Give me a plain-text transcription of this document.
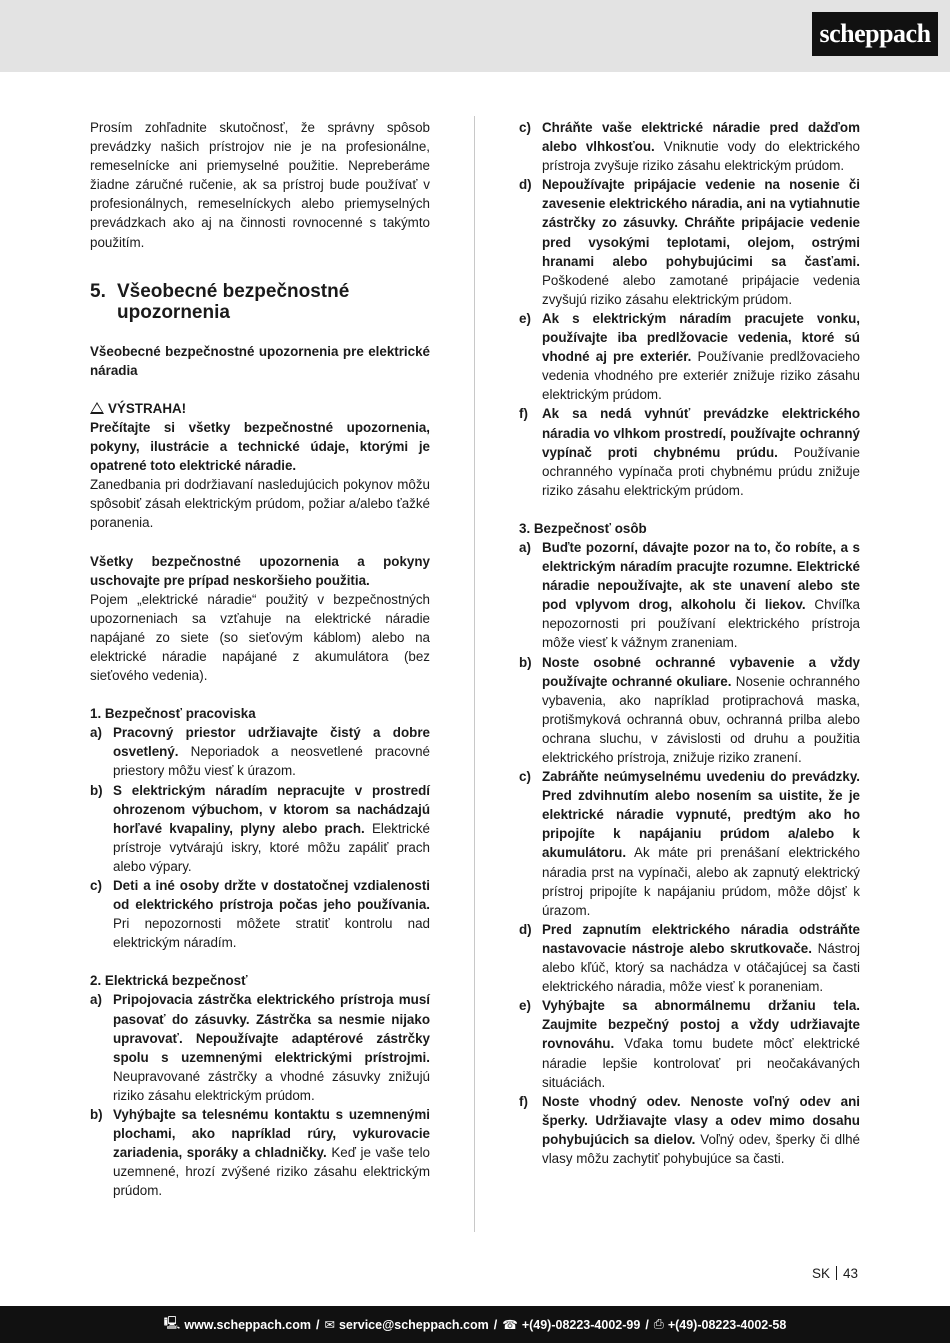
scheppach

Prosím zohľadnite skutočnosť, že správny spôsob prevádzky našich prístrojov nie je na profesionálne, remeselnícke ani priemyselné použitie. Nepreberáme žiadne záručné ručenie, ak sa prístroj bude používať v profesionálnych, remeselníckych alebo priemyselných prevádzkach ako aj na činnosti rovnocenné s takýmto použitím.

5. Všeobecné bezpečnostné upozornenia

Všeobecné bezpečnostné upozornenia pre elektrické náradia

VÝSTRAHA!

Prečítajte si všetky bezpečnostné upozornenia, pokyny, ilustrácie a technické údaje, ktorými je opatrené toto elektrické náradie.

Zanedbania pri dodržiavaní nasledujúcich pokynov môžu spôsobiť zásah elektrickým prúdom, požiar a/alebo ťažké poranenia.

Všetky bezpečnostné upozornenia a pokyny uschovajte pre prípad neskoršieho použitia.

Pojem „elektrické náradie“ použitý v bezpečnostných upozorneniach sa vzťahuje na elektrické náradie napájané zo siete (so sieťovým káblom) alebo na elektrické náradie napájané z akumulátora (bez sieťového vedenia).

1. Bezpečnosť pracoviska

a) Pracovný priestor udržiavajte čistý a dobre osvetlený. Neporiadok a neosvetlené pracovné priestory môžu viesť k úrazom.
b) S elektrickým náradím nepracujte v prostredí ohrozenom výbuchom, v ktorom sa nachádzajú horľavé kvapaliny, plyny alebo prach. Elektrické prístroje vytvárajú iskry, ktoré môžu zapáliť prach alebo výpary.
c) Deti a iné osoby držte v dostatočnej vzdialenosti od elektrického prístroja počas jeho používania. Pri nepozornosti môžete stratiť kontrolu nad elektrickým náradím.

2. Elektrická bezpečnosť

a) Pripojovacia zástrčka elektrického prístroja musí pasovať do zásuvky. Zástrčka sa nesmie nijako upravovať. Nepoužívajte adaptérové zástrčky spolu s uzemnenými elektrickými prístrojmi. Neupravované zástrčky a vhodné zásuvky znižujú riziko zásahu elektrickým prúdom.
b) Vyhýbajte sa telesnému kontaktu s uzemnenými plochami, ako napríklad rúry, vykurovacie zariadenia, sporáky a chladničky. Keď je vaše telo uzemnené, hrozí zvýšené riziko zásahu elektrickým prúdom.
c) Chráňte vaše elektrické náradie pred dažďom alebo vlhkosťou. Vniknutie vody do elektrického prístroja zvyšuje riziko zásahu elektrickým prúdom.
d) Nepoužívajte pripájacie vedenie na nosenie či zavesenie elektrického náradia, ani na vytiahnutie zástrčky zo zásuvky. Chráňte pripájacie vedenie pred vysokými teplotami, olejom, ostrými hranami alebo pohybujúcimi sa časťami. Poškodené alebo zamotané pripájacie vedenia zvyšujú riziko zásahu elektrickým prúdom.
e) Ak s elektrickým náradím pracujete vonku, používajte iba predlžovacie vedenia, ktoré sú vhodné aj pre exteriér. Používanie predlžovacieho vedenia vhodného pre exteriér znižuje riziko zásahu elektrickým prúdom.
f)	Ak sa nedá vyhnúť prevádzke elektrického náradia vo vlhkom prostredí, používajte ochranný vypínač proti chybnému prúdu. Používanie ochranného vypínača proti chybnému prúdu znižuje riziko zásahu elektrickým prúdom.

3. Bezpečnosť osôb

a) Buďte pozorní, dávajte pozor na to, čo robíte, a s elektrickým náradím pracujte rozumne. Elektrické náradie nepoužívajte, ak ste unavení alebo ste pod vplyvom drog, alkoholu či liekov. Chvíľka nepozornosti pri používaní elektrického prístroja môže viesť k vážnym zraneniam.
b) Noste osobné ochranné vybavenie a vždy používajte ochranné okuliare. Nosenie ochranného vybavenia, ako napríklad protiprachová maska, protišmyková ochranná obuv, ochranná prilba alebo ochrana sluchu, v závislosti od druhu a použitia elektrického prístroja, znižuje riziko zranení.
c) Zabráňte neúmyselnému uvedeniu do prevádzky. Pred zdvihnutím alebo nosením sa uistite, že je elektrické náradie vypnuté, predtým ako ho pripojíte k napájaniu prúdom a/alebo k akumulátoru. Ak máte pri prenášaní elektrického náradia prst na vypínači, alebo ak zapnutý elektrický prístroj pripojíte k napájaniu prúdom, môže dôjsť k úrazom.
d) Pred zapnutím elektrického náradia odstráňte nastavovacie nástroje alebo skrutkovače. Nástroj alebo kľúč, ktorý sa nachádza v otáčajúcej sa časti elektrického náradia, môže viesť k poraneniam.
e) Vyhýbajte sa abnormálnemu držaniu tela. Zaujmite bezpečný postoj a vždy udržiavajte rovnováhu. Vďaka tomu budete môcť elektrické náradie lepšie kontrolovať pri neočakávaných situáciách.
f)	Noste vhodný odev. Nenoste voľný odev ani šperky. Udržiavajte vlasy a odev mimo dosahu pohybujúcich sa dielov. Voľný odev, šperky či dlhé vlasy môžu zachytiť pohybujúce sa časti.
SK 43
🖳 www.scheppach.com / ✉ service@scheppach.com / ☎ +(49)-08223-4002-99 / ⎙ +(49)-08223-4002-58
